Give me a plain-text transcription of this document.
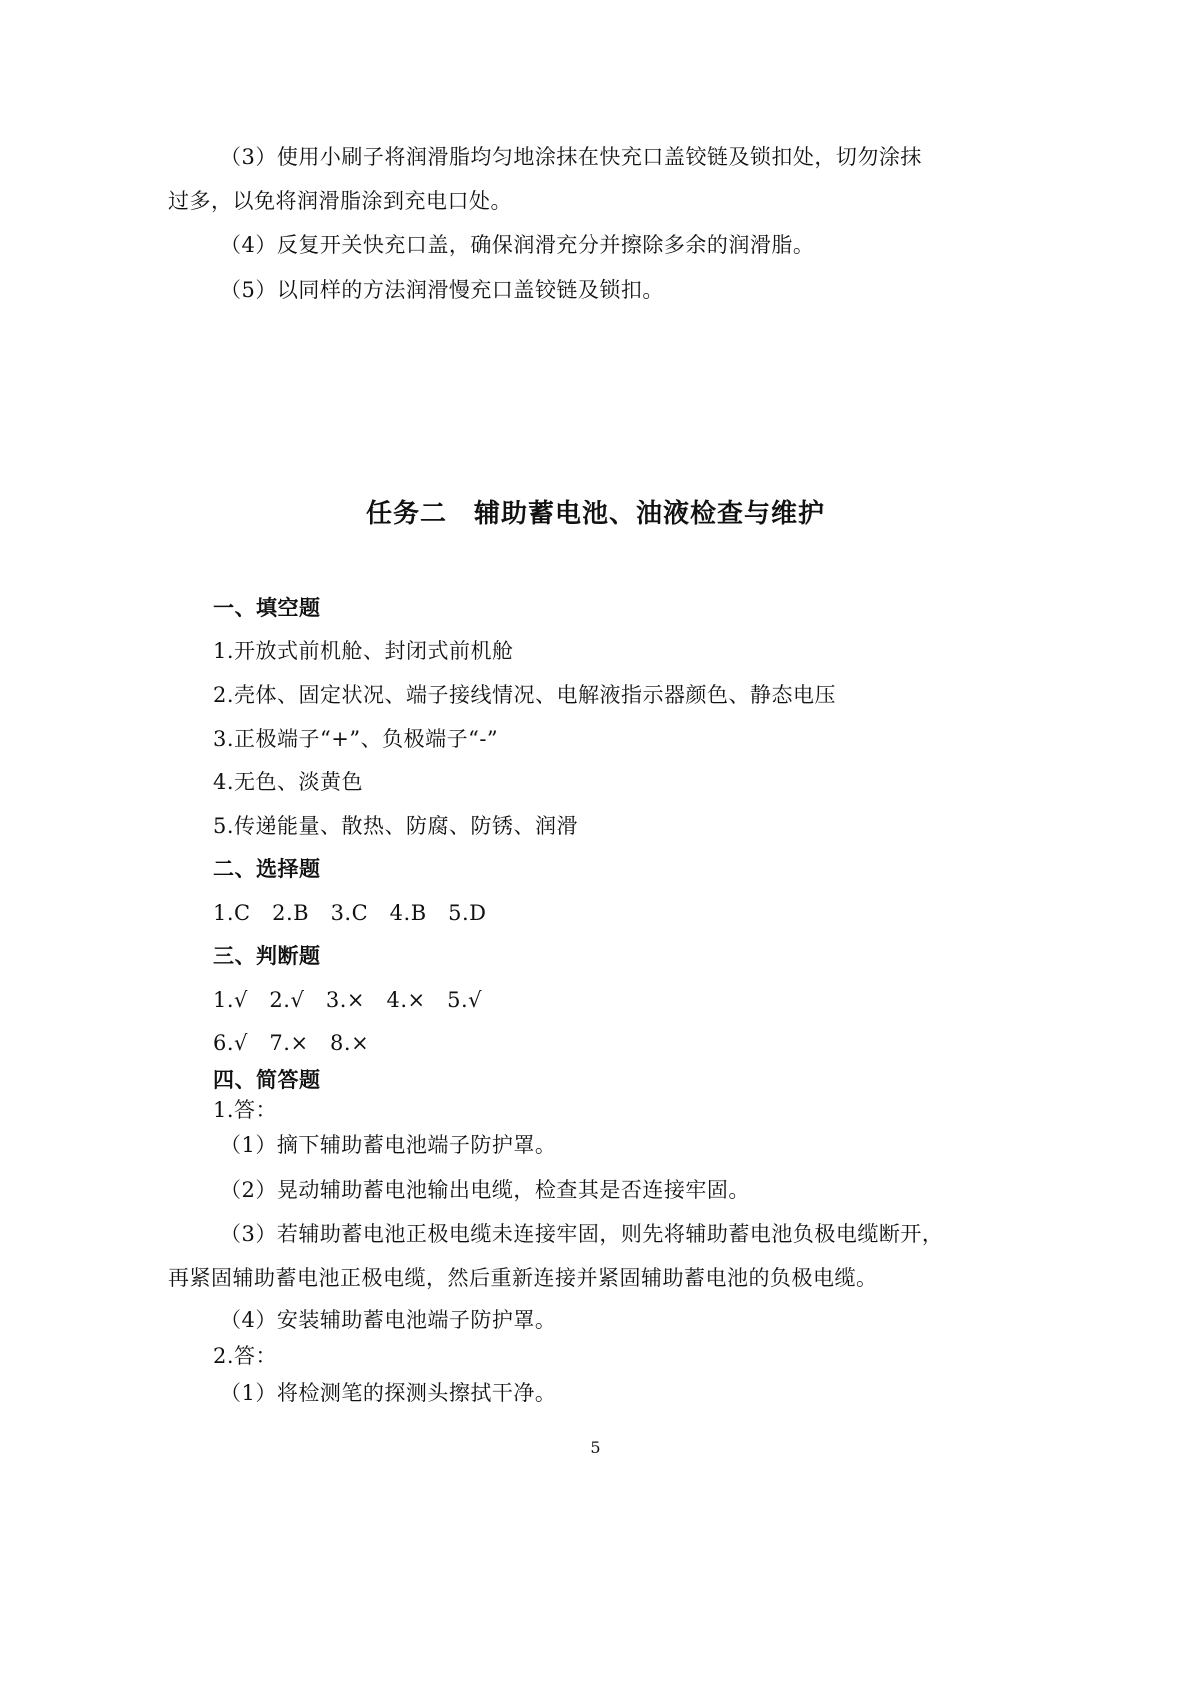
（3）使用小刷子将润滑脂均匀地涂抹在快充口盖铰链及锁扣处，切勿涂抹
过多，以免将润滑脂涂到充电口处。
（4）反复开关快充口盖，确保润滑充分并擦除多余的润滑脂。
（5）以同样的方法润滑慢充口盖铰链及锁扣。
任务二　辅助蓄电池、油液检查与维护
一、填空题
1.开放式前机舱、封闭式前机舱
2.壳体、固定状况、端子接线情况、电解液指示器颜色、静态电压
3.正极端子“+”、负极端子“-”
4.无色、淡黄色
5.传递能量、散热、防腐、防锈、润滑
二、选择题
1.C　2.B　3.C　4.B　5.D
三、判断题
1.√　2.√　3.×　4.×　5.√
6.√　7.×　8.×
四、简答题
1.答：
（1）摘下辅助蓄电池端子防护罩。
（2）晃动辅助蓄电池输出电缆，检查其是否连接牢固。
（3）若辅助蓄电池正极电缆未连接牢固，则先将辅助蓄电池负极电缆断开，
再紧固辅助蓄电池正极电缆，然后重新连接并紧固辅助蓄电池的负极电缆。
（4）安装辅助蓄电池端子防护罩。
2.答：
（1）将检测笔的探测头擦拭干净。
5
